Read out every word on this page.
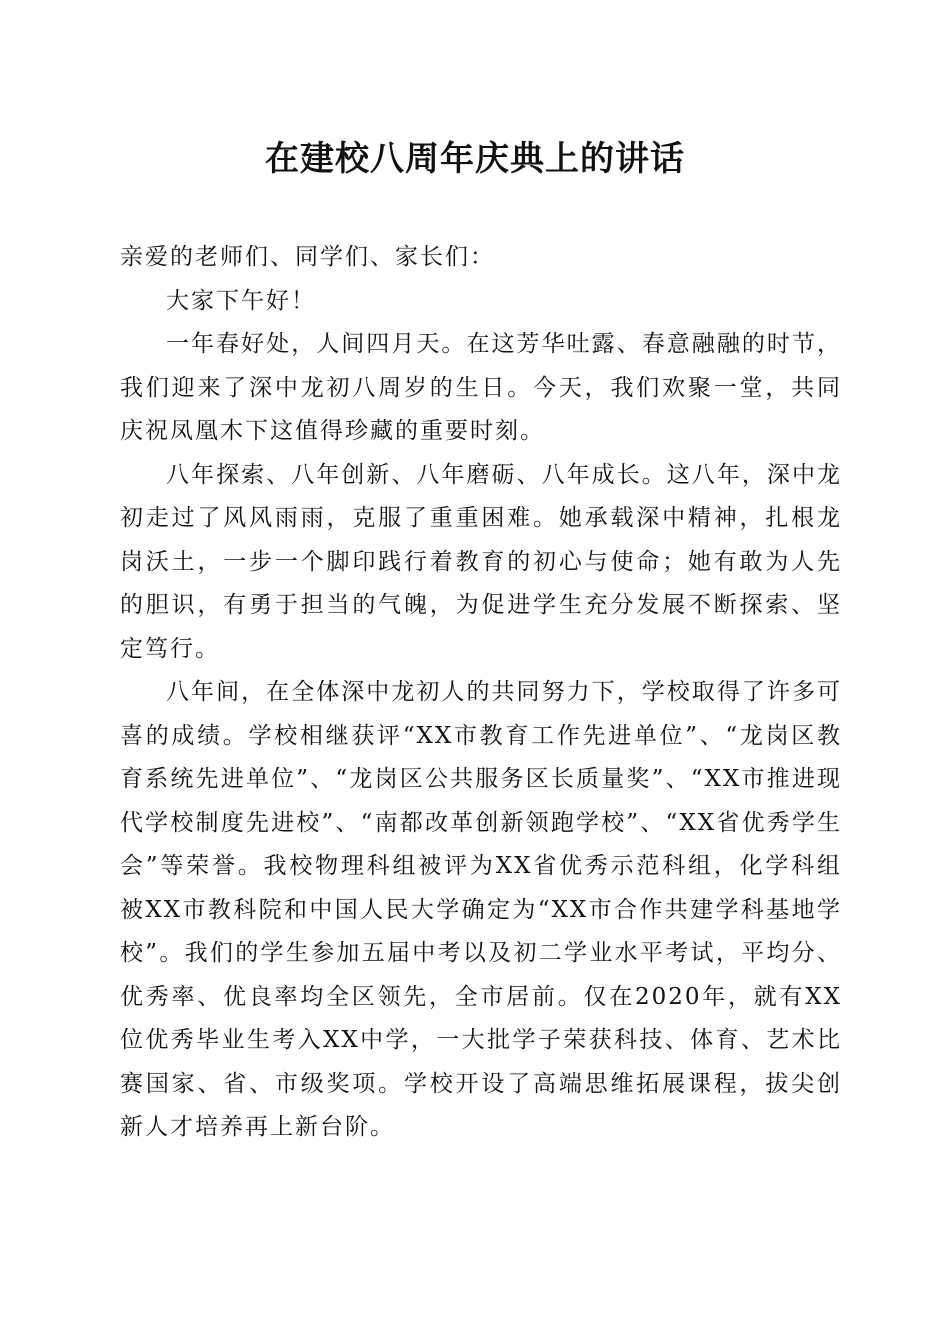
在建校八周年庆典上的讲话

亲爱的老师们、同学们、家长们：

大家下午好！

一年春好处，人间四月天。在这芳华吐露、春意融融的时节，我们迎来了深中龙初八周岁的生日。今天，我们欢聚一堂，共同庆祝凤凰木下这值得珍藏的重要时刻。

八年探索、八年创新、八年磨砺、八年成长。这八年，深中龙初走过了风风雨雨，克服了重重困难。她承载深中精神，扎根龙岗沃土，一步一个脚印践行着教育的初心与使命；她有敢为人先的胆识，有勇于担当的气魄，为促进学生充分发展不断探索、坚定笃行。

八年间，在全体深中龙初人的共同努力下，学校取得了许多可喜的成绩。学校相继获评“XX市教育工作先进单位”、“龙岗区教育系统先进单位”、“龙岗区公共服务区长质量奖”、“XX市推进现代学校制度先进校”、“南都改革创新领跑学校”、“XX省优秀学生会”等荣誉。我校物理科组被评为XX省优秀示范科组，化学科组被XX市教科院和中国人民大学确定为“XX市合作共建学科基地学校”。我们的学生参加五届中考以及初二学业水平考试，平均分、优秀率、优良率均全区领先，全市居前。仅在2020年，就有XX位优秀毕业生考入XX中学，一大批学子荣获科技、体育、艺术比赛国家、省、市级奖项。学校开设了高端思维拓展课程，拔尖创新人才培养再上新台阶。
